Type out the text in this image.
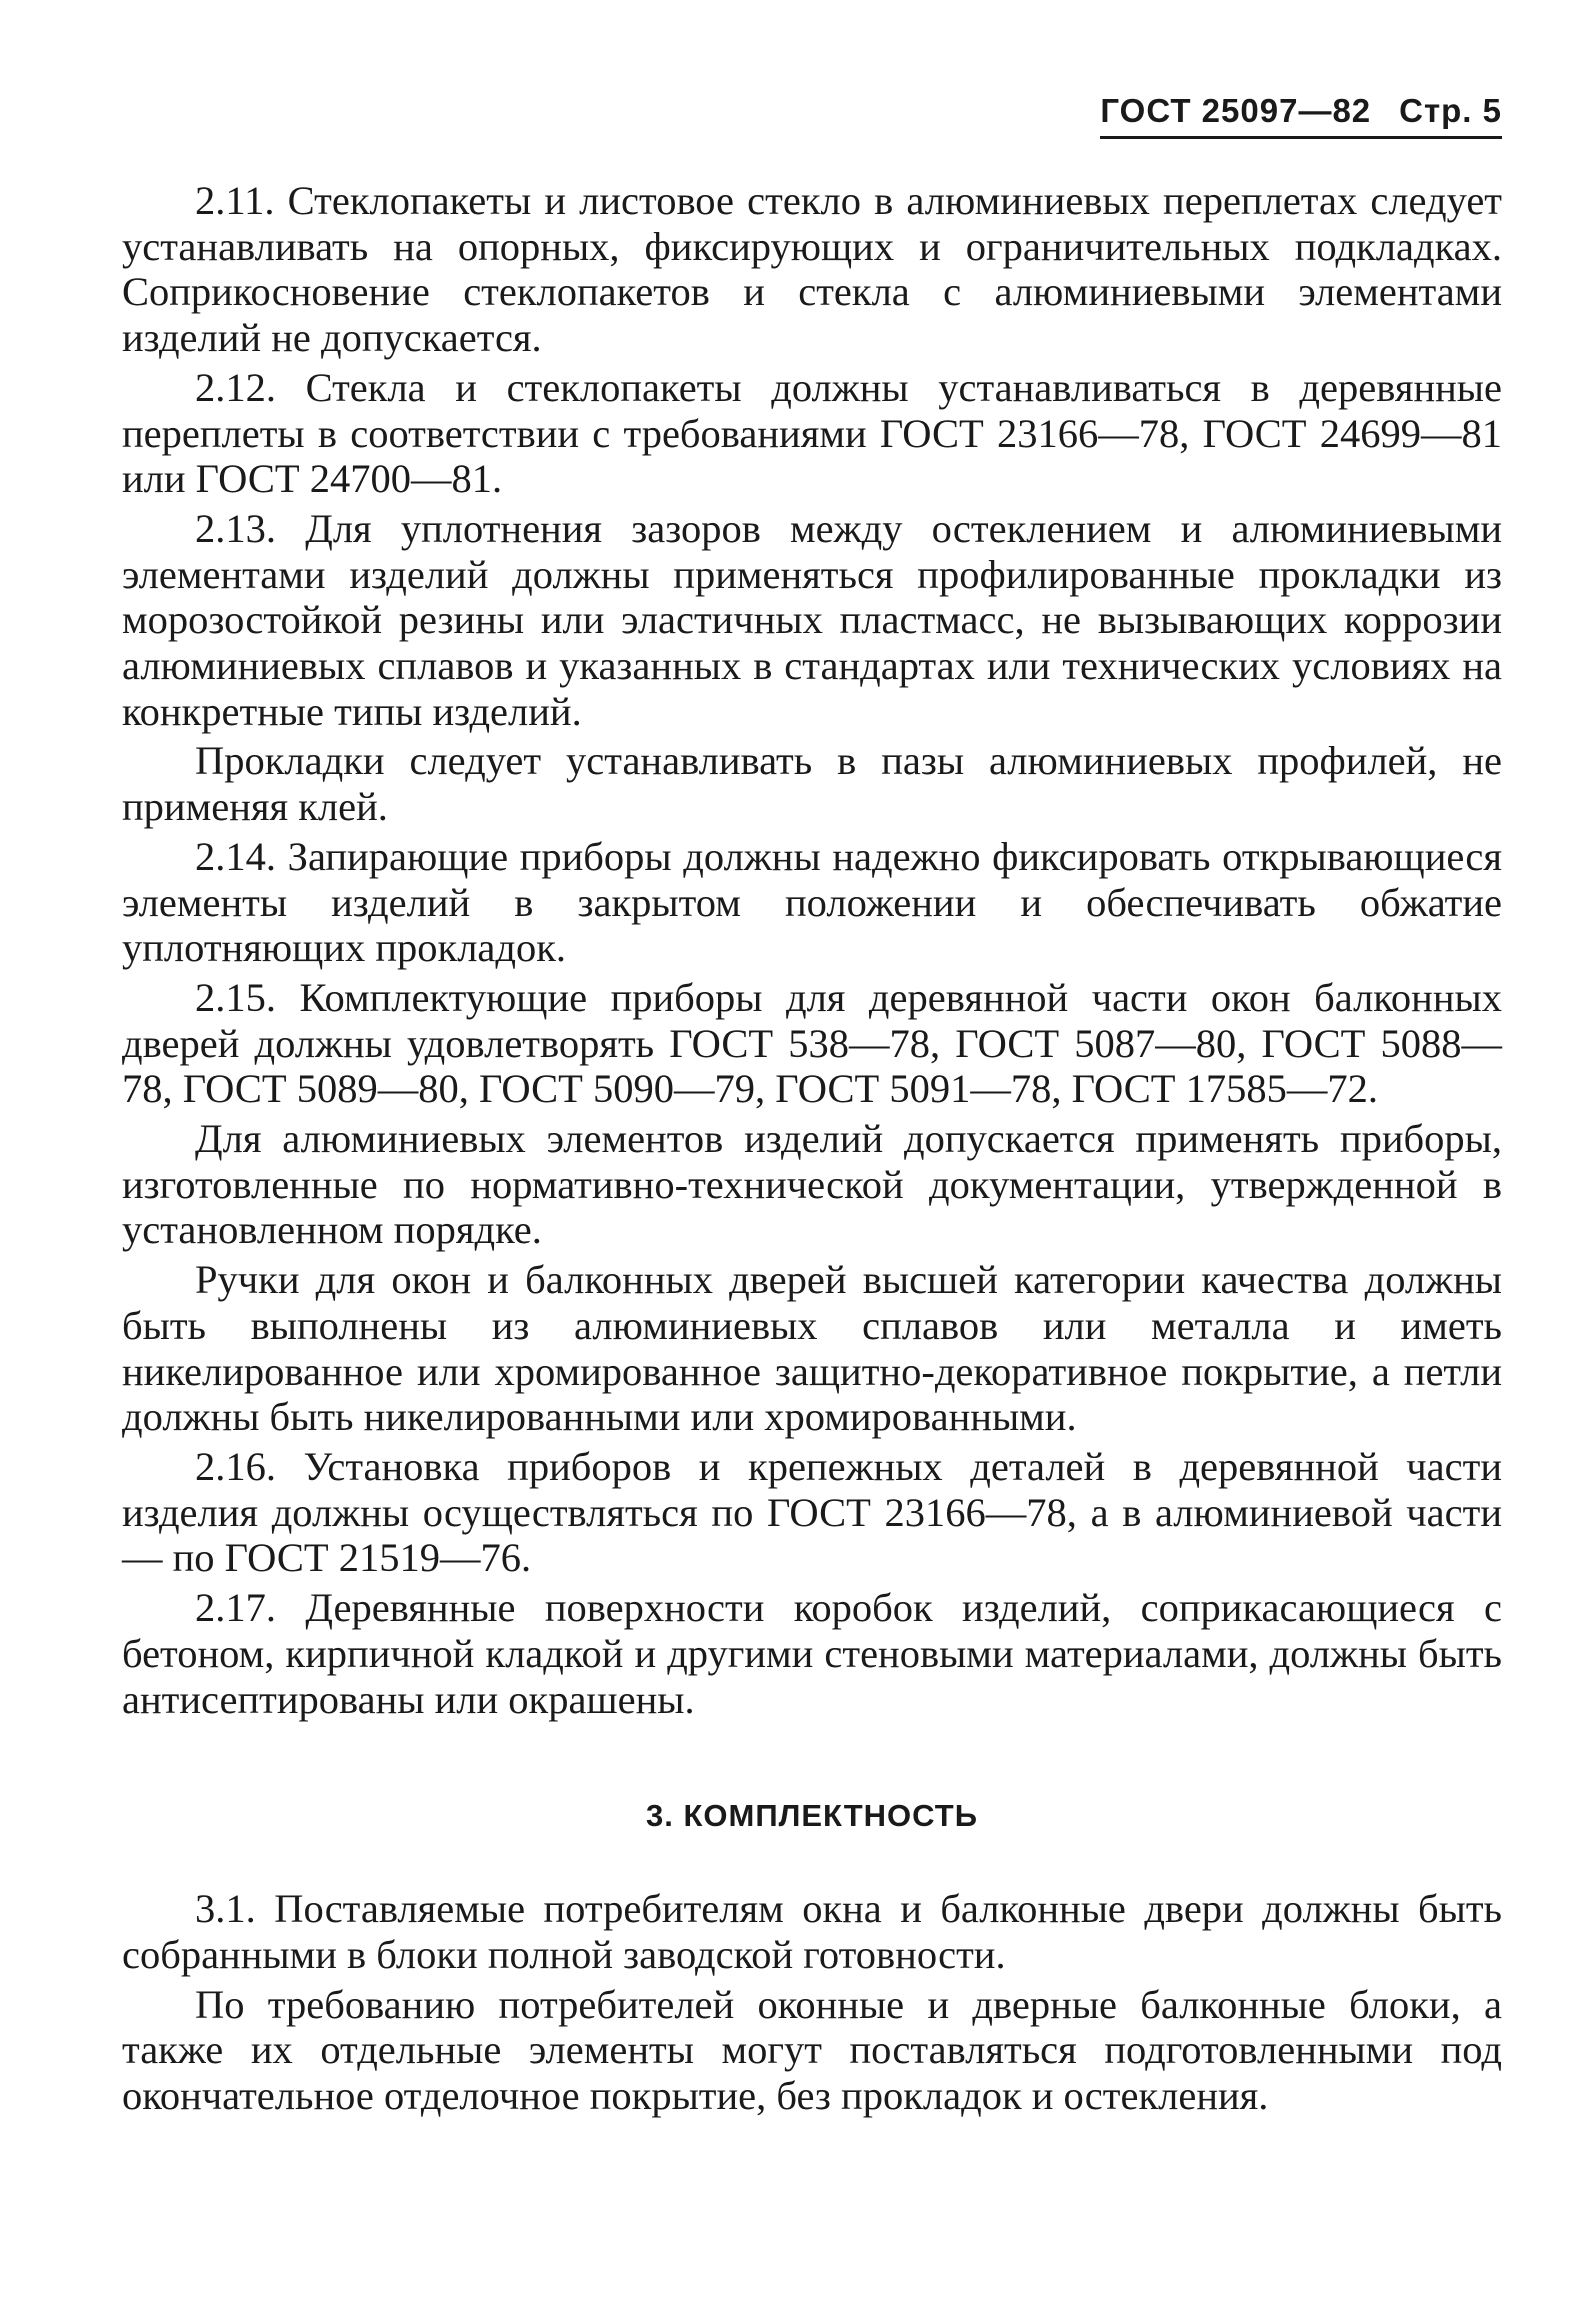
ГОСТ 25097—82 Стр. 5

2.11. Стеклопакеты и листовое стекло в алюминиевых переплетах следует устанавливать на опорных, фиксирующих и ограничительных подкладках. Соприкосновение стеклопакетов и стекла с алюминиевыми элементами изделий не допускается.

2.12. Стекла и стеклопакеты должны устанавливаться в деревянные переплеты в соответствии с требованиями ГОСТ 23166—78, ГОСТ 24699—81 или ГОСТ 24700—81.

2.13. Для уплотнения зазоров между остеклением и алюминиевыми элементами изделий должны применяться профилированные прокладки из морозостойкой резины или эластичных пластмасс, не вызывающих коррозии алюминиевых сплавов и указанных в стандартах или технических условиях на конкретные типы изделий.

Прокладки следует устанавливать в пазы алюминиевых профилей, не применяя клей.

2.14. Запирающие приборы должны надежно фиксировать открывающиеся элементы изделий в закрытом положении и обеспечивать обжатие уплотняющих прокладок.

2.15. Комплектующие приборы для деревянной части окон балконных дверей должны удовлетворять ГОСТ 538—78, ГОСТ 5087—80, ГОСТ 5088—78, ГОСТ 5089—80, ГОСТ 5090—79, ГОСТ 5091—78, ГОСТ 17585—72.

Для алюминиевых элементов изделий допускается применять приборы, изготовленные по нормативно-технической документации, утвержденной в установленном порядке.

Ручки для окон и балконных дверей высшей категории качества должны быть выполнены из алюминиевых сплавов или металла и иметь никелированное или хромированное защитно-декоративное покрытие, а петли должны быть никелированными или хромированными.

2.16. Установка приборов и крепежных деталей в деревянной части изделия должны осуществляться по ГОСТ 23166—78, а в алюминиевой части — по ГОСТ 21519—76.

2.17. Деревянные поверхности коробок изделий, соприкасающиеся с бетоном, кирпичной кладкой и другими стеновыми материалами, должны быть антисептированы или окрашены.

3. КОМПЛЕКТНОСТЬ

3.1. Поставляемые потребителям окна и балконные двери должны быть собранными в блоки полной заводской готовности.

По требованию потребителей оконные и дверные балконные блоки, а также их отдельные элементы могут поставляться подготовленными под окончательное отделочное покрытие, без прокладок и остекления.
